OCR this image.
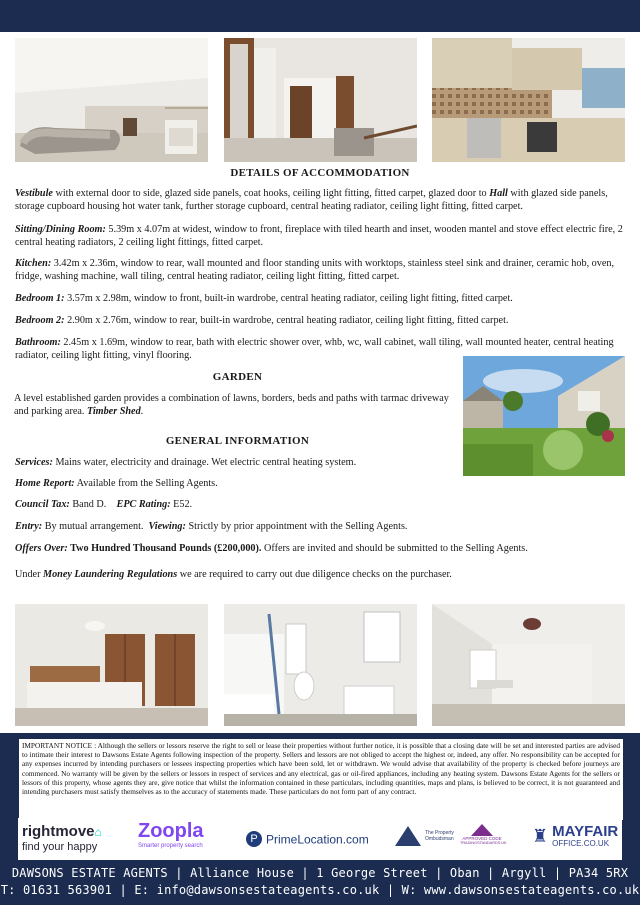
DETAILS OF ACCOMMODATION
Vestibule with external door to side, glazed side panels, coat hooks, ceiling light fitting, fitted carpet, glazed door to Hall with glazed side panels, storage cupboard housing hot water tank, further storage cupboard, central heating radiator, ceiling light fitting, fitted carpet.
Sitting/Dining Room: 5.39m x 4.07m at widest, window to front, fireplace with tiled hearth and inset, wooden mantel and stove effect electric fire, 2 central heating radiators, 2 ceiling light fittings, fitted carpet.
Kitchen: 3.42m x 2.36m, window to rear, wall mounted and floor standing units with worktops, stainless steel sink and drainer, ceramic hob, oven, fridge, washing machine, wall tiling, central heating radiator, ceiling light fitting, fitted carpet.
Bedroom 1: 3.57m x 2.98m, window to front, built-in wardrobe, central heating radiator, ceiling light fitting, fitted carpet.
Bedroom 2: 2.90m x 2.76m, window to rear, built-in wardrobe, central heating radiator, ceiling light fitting, fitted carpet.
Bathroom: 2.45m x 1.69m, window to rear, bath with electric shower over, whb, wc, wall cabinet, wall tiling, wall mounted heater, central heating radiator, ceiling light fitting, vinyl flooring.
GARDEN
A level established garden provides a combination of lawns, borders, beds and paths with tarmac driveway and parking area. Timber Shed.
GENERAL INFORMATION
Services: Mains water, electricity and drainage. Wet electric central heating system.
Home Report: Available from the Selling Agents.
Council Tax: Band D. EPC Rating: E52.
Entry: By mutual arrangement. Viewing: Strictly by prior appointment with the Selling Agents.
Offers Over: Two Hundred Thousand Pounds (£200,000). Offers are invited and should be submitted to the Selling Agents.
Under Money Laundering Regulations we are required to carry out due diligence checks on the purchaser.
IMPORTANT NOTICE : Although the sellers or lessors reserve the right to sell or lease their properties without further notice, it is possible that a closing date will be set and interested parties are advised to intimate their interest to Dawsons Estate Agents following inspection of the property. Sellers and lessors are not obliged to accept the highest or, indeed, any offer. No responsibility can be accepted for any expenses incurred by intending purchasers or lessees inspecting properties which have been sold, let or withdrawn. We would advise that availability of the property is checked before journeys are commenced. No warranty will be given by the sellers or lessors in respect of services and any electrical, gas or oil-fired appliances, including any heating system. Dawsons Estate Agents for the sellers or lessors of this property, whose agents they are, give notice that whilst the information contained in these particulars, including quantities, maps and plans, is believed to be correct, it is not guaranteed and intending purchasers must satisfy themselves as to the accuracy of statements made. These particulars do not form part of any contract.
rightmove⌂
find your happy
Zoopla
Smarter property search
P PrimeLocation.com	The Property Ombudsman	APPROVED CODE
TRADINGSTANDARDS.UK ♜ MAYFAIR
OFFICE.CO.UK
DAWSONS ESTATE AGENTS | Alliance House | 1 George Street | Oban | Argyll | PA34 5RX
T: 01631 563901 | E: info@dawsonsestateagents.co.uk | W: www.dawsonsestateagents.co.uk
